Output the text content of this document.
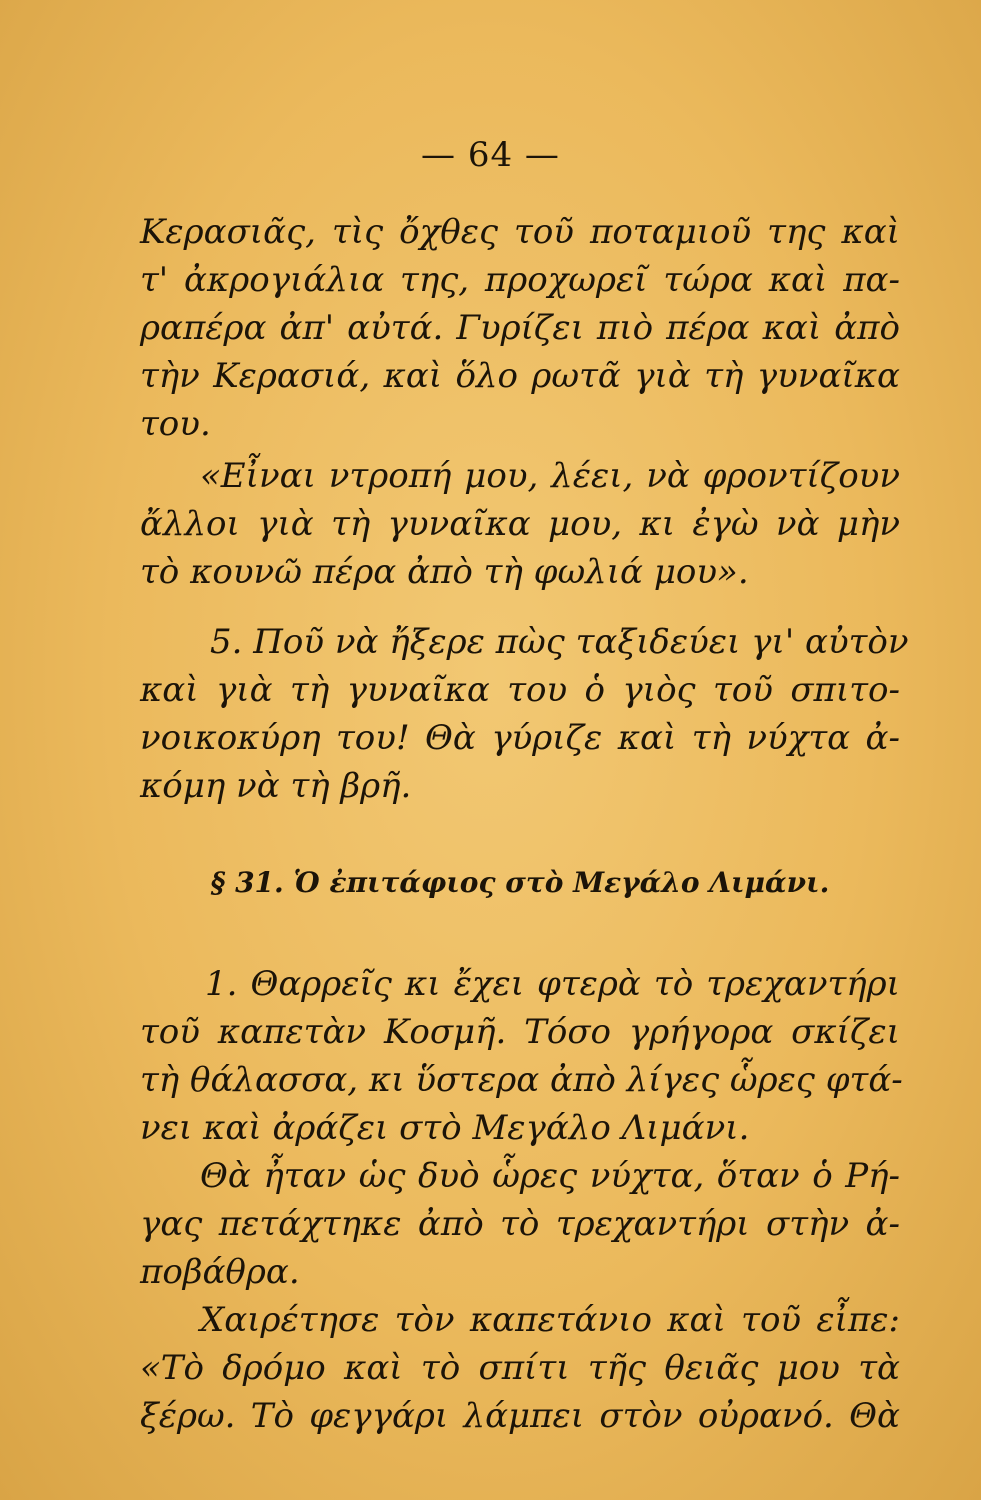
— 64 —
Κερασιᾶς, τὶς ὄχθες τοῦ ποταμιοῦ της καὶ
τ' ἀκρογιάλια της, προχωρεῖ τώρα καὶ πα-
ραπέρα ἀπ' αὐτά. Γυρίζει πιὸ πέρα καὶ ἀπὸ
τὴν Κερασιά, καὶ ὅλο ρωτᾶ γιὰ τὴ γυναῖκα
του.
«Εἶναι ντροπή μου, λέει, νὰ φροντίζουν
ἄλλοι γιὰ τὴ γυναῖκα μου, κι ἐγὼ νὰ μὴν
τὸ κουνῶ πέρα ἀπὸ τὴ φωλιά μου».
5. Ποῦ νὰ ἤξερε πὼς ταξιδεύει γι' αὐτὸν
καὶ γιὰ τὴ γυναῖκα του ὁ γιὸς τοῦ σπιτο-
νοικοκύρη του! Θὰ γύριζε καὶ τὴ νύχτα ἀ-
κόμη νὰ τὴ βρῆ.
§ 31. Ὁ ἐπιτάφιος στὸ Μεγάλο Λιμάνι.
1. Θαρρεῖς κι ἔχει φτερὰ τὸ τρεχαντήρι
τοῦ καπετὰν Κοσμῆ. Τόσο γρήγορα σκίζει
τὴ θάλασσα, κι ὕστερα ἀπὸ λίγες ὧρες φτά-
νει καὶ ἀράζει στὸ Μεγάλο Λιμάνι.
Θὰ ἦταν ὡς δυὸ ὧρες νύχτα, ὅταν ὁ Ρή-
γας πετάχτηκε ἀπὸ τὸ τρεχαντήρι στὴν ἀ-
ποβάθρα.
Χαιρέτησε τὸν καπετάνιο καὶ τοῦ εἶπε:
«Τὸ δρόμο καὶ τὸ σπίτι τῆς θειᾶς μου τὰ
ξέρω. Τὸ φεγγάρι λάμπει στὸν οὐρανό. Θὰ
